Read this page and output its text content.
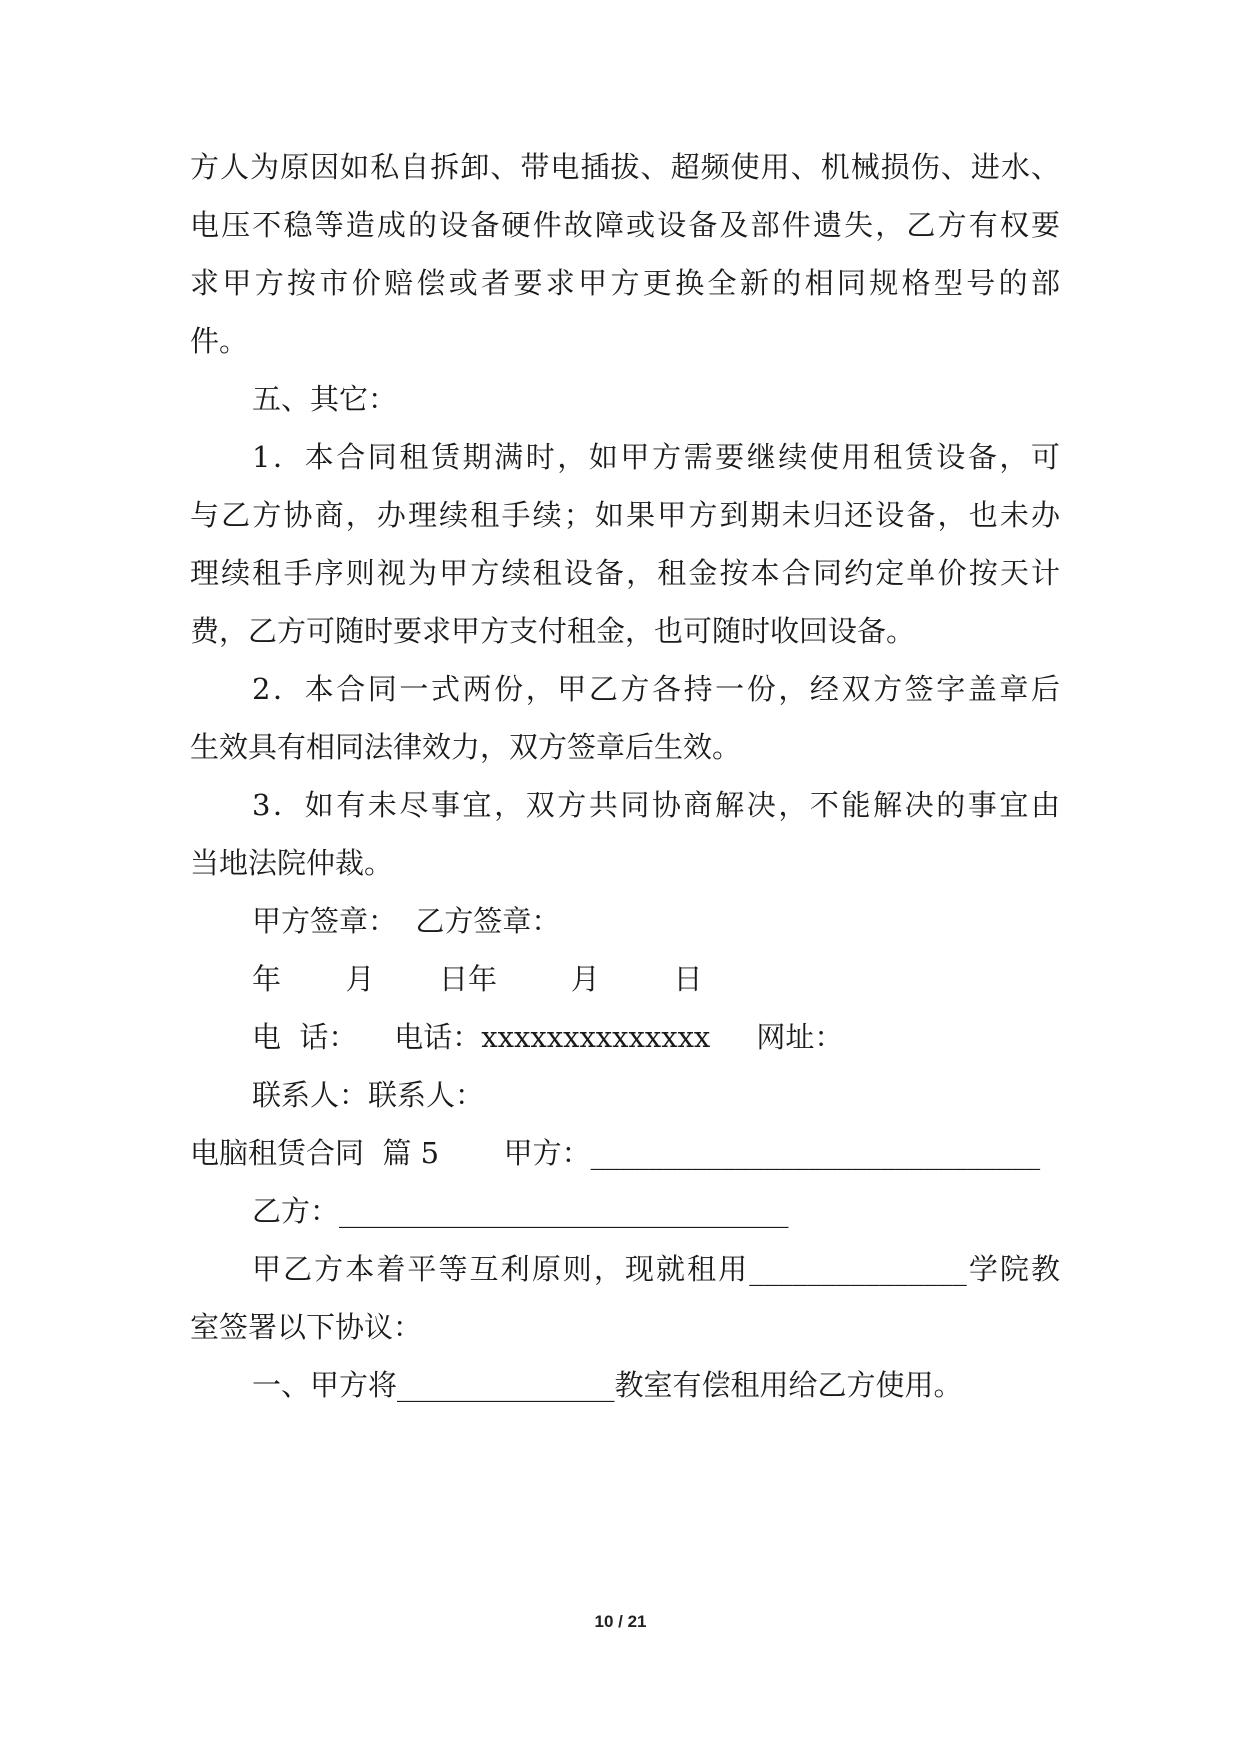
方人为原因如私自拆卸、带电插拔、超频使用、机械损伤、进水、
电压不稳等造成的设备硬件故障或设备及部件遗失，乙方有权要
求甲方按市价赔偿或者要求甲方更换全新的相同规格型号的部
件。
五、其它：
1．本合同租赁期满时，如甲方需要继续使用租赁设备，可
与乙方协商，办理续租手续；如果甲方到期未归还设备，也未办
理续租手序则视为甲方续租设备，租金按本合同约定单价按天计
费，乙方可随时要求甲方支付租金，也可随时收回设备。
2．本合同一式两份，甲乙方各持一份，经双方签字盖章后
生效具有相同法律效力，双方签章后生效。
3．如有未尽事宜，双方共同协商解决，不能解决的事宜由
当地法院仲裁。
甲方签章：  乙方签章：
年       月       日年        月        日
电  话：    电话：xxxxxxxxxxxxxx     网址：
联系人：联系人：
电脑租赁合同  篇 5       甲方：_______________________________
乙方：_______________________________
甲乙方本着平等互利原则，现就租用_______________学院教
室签署以下协议：
一、甲方将_______________教室有偿租用给乙方使用。
10 / 21
